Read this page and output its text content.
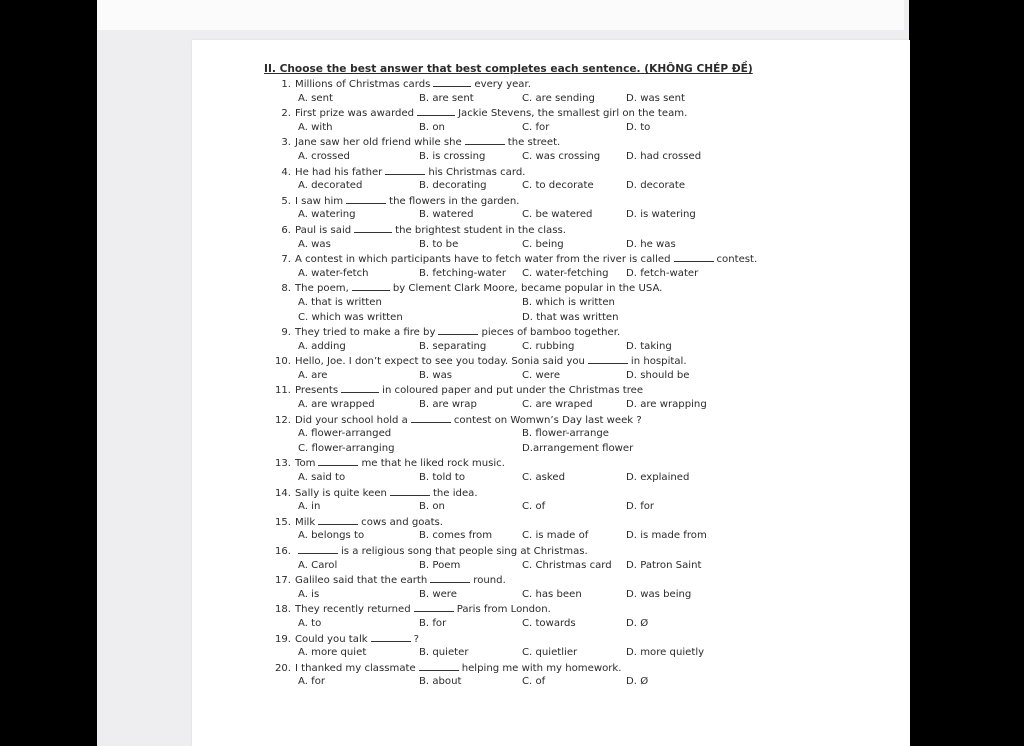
II. Choose the best answer that best completes each sentence. (KHÔNG CHÉP ĐỀ)
1. Millions of Christmas cards	every year.
A. sent	B. are sent	C. are sending	D. was sent
2. First prize was awarded	Jackie Stevens, the smallest girl on the team.
A. with	B. on	C. for	D. to
3. Jane saw her old friend while she	the street.
A. crossed	B. is crossing	C. was crossing	D. had crossed
4. He had his father	his Christmas card.
A. decorated	B. decorating	C. to decorate	D. decorate
5. I saw him	the flowers in the garden.
A. watering	B. watered	C. be watered	D. is watering
6. Paul is said	the brightest student in the class.
A. was	B. to be	C. being	D. he was
7. A contest in which participants have to fetch water from the river is called	contest.
A. water-fetch	B. fetching-water C. water-fetching D. fetch-water
8. The poem,	by Clement Clark Moore, became popular in the USA.
A. that is written	B. which is written
C. which was written	D. that was written
9. They tried to make a fire by	pieces of bamboo together.
A. adding	B. separating	C. rubbing	D. taking
10. Hello, Joe. I don’t expect to see you today. Sonia said you	in hospital.
A. are	B. was	C. were	D. should be
11. Presents	in coloured paper and put under the Christmas tree
A. are wrapped	B. are wrap	C. are wraped	D. are wrapping
12. Did your school hold a	contest on Womwn’s Day last week ?
A. flower-arranged	B. flower-arrange
C. flower-arranging	D.arrangement flower
13. Tom	me that he liked rock music.
A. said to	B. told to	C. asked	D. explained
14. Sally is quite keen	the idea.
A. in	B. on	C. of	D. for
15. Milk	cows and goats.
A. belongs to	B. comes from	C. is made of	D. is made from
16.	is a religious song that people sing at Christmas.
A. Carol	B. Poem	C. Christmas card D. Patron Saint
17. Galileo said that the earth	round.
A. is	B. were	C. has been	D. was being
18. They recently returned	Paris from London.
A. to	B. for	C. towards	D. Ø
19. Could you talk	?
A. more quiet	B. quieter	C. quietlier	D. more quietly
20. I thanked my classmate	helping me with my homework.
A. for	B. about	C. of	D. Ø
